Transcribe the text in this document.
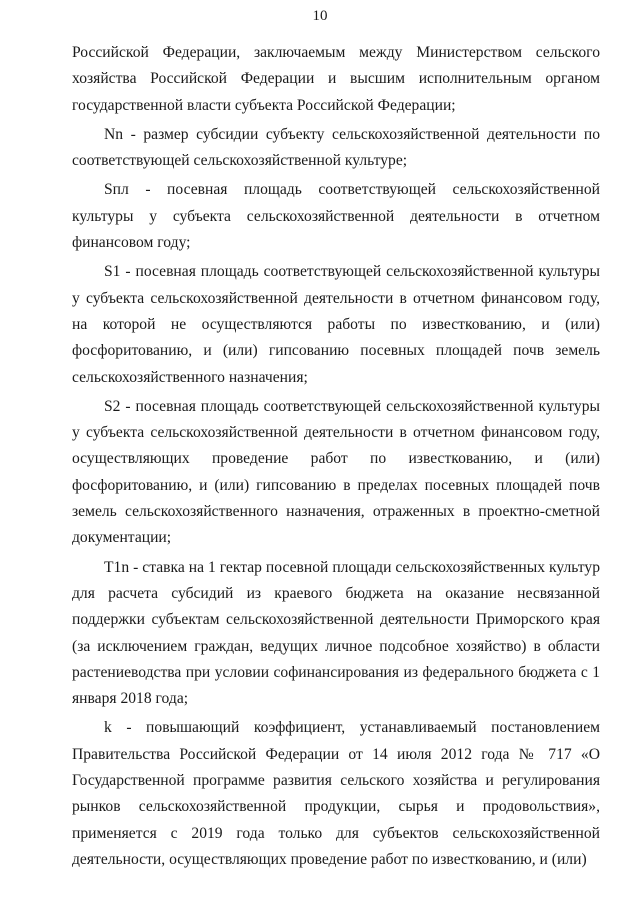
10

Российской Федерации, заключаемым между Министерством сельского хозяйства Российской Федерации и высшим исполнительным органом государственной власти субъекта Российской Федерации;

Nn - размер субсидии субъекту сельскохозяйственной деятельности по соответствующей сельскохозяйственной культуре;

Sпл - посевная площадь соответствующей сельскохозяйственной культуры у субъекта сельскохозяйственной деятельности в отчетном финансовом году;

S1 - посевная площадь соответствующей сельскохозяйственной культуры у субъекта сельскохозяйственной деятельности в отчетном финансовом году, на которой не осуществляются работы по известкованию, и (или) фосфоритованию, и (или) гипсованию посевных площадей почв земель сельскохозяйственного назначения;

S2 - посевная площадь соответствующей сельскохозяйственной культуры у субъекта сельскохозяйственной деятельности в отчетном финансовом году, осуществляющих проведение работ по известкованию, и (или) фосфоритованию, и (или) гипсованию в пределах посевных площадей почв земель сельскохозяйственного назначения, отраженных в проектно-сметной документации;

T1n - ставка на 1 гектар посевной площади сельскохозяйственных культур для расчета субсидий из краевого бюджета на оказание несвязанной поддержки субъектам сельскохозяйственной деятельности Приморского края (за исключением граждан, ведущих личное подсобное хозяйство) в области растениеводства при условии софинансирования из федерального бюджета с 1 января 2018 года;

k - повышающий коэффициент, устанавливаемый постановлением Правительства Российской Федерации от 14 июля 2012 года № 717 «О Государственной программе развития сельского хозяйства и регулирования рынков сельскохозяйственной продукции, сырья и продовольствия», применяется с 2019 года только для субъектов сельскохозяйственной деятельности, осуществляющих проведение работ по известкованию, и (или)
